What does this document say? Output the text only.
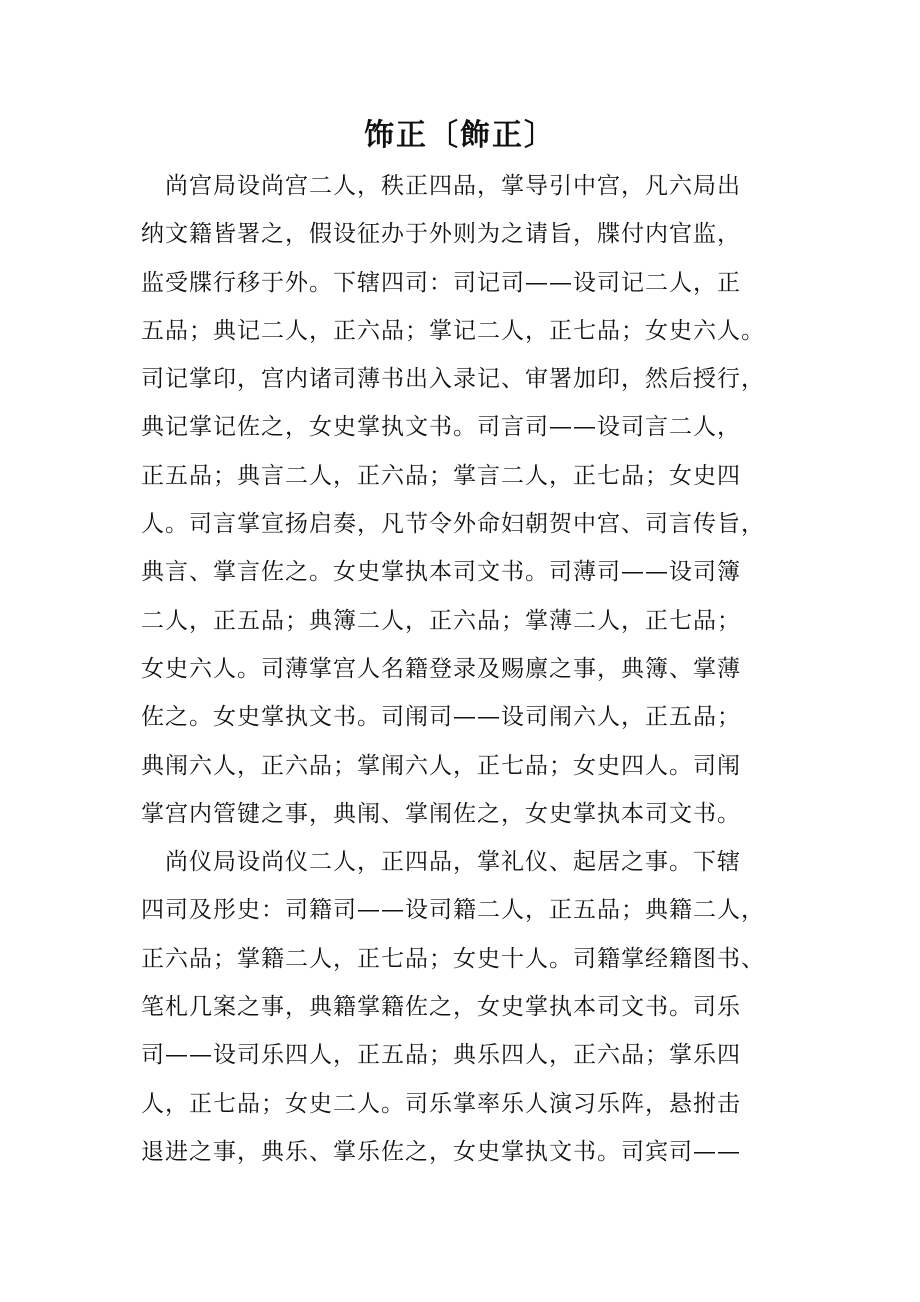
饰正〔飾正〕
尚宫局设尚宫二人，秩正四品，掌导引中宫，凡六局出
纳文籍皆署之，假设征办于外则为之请旨，牒付内官监，
监受牒行移于外。下辖四司：司记司——设司记二人，正
五品；典记二人，正六品；掌记二人，正七品；女史六人。
司记掌印，宫内诸司薄书出入录记、审署加印，然后授行，
典记掌记佐之，女史掌执文书。司言司——设司言二人，
正五品；典言二人，正六品；掌言二人，正七品；女史四
人。司言掌宣扬启奏，凡节令外命妇朝贺中宫、司言传旨，
典言、掌言佐之。女史掌执本司文书。司薄司——设司簿
二人，正五品；典簿二人，正六品；掌薄二人，正七品；
女史六人。司薄掌宫人名籍登录及赐廪之事，典簿、掌薄
佐之。女史掌执文书。司闱司——设司闱六人，正五品；
典闱六人，正六品；掌闱六人，正七品；女史四人。司闱
掌宫内管键之事，典闱、掌闱佐之，女史掌执本司文书。
尚仪局设尚仪二人，正四品，掌礼仪、起居之事。下辖
四司及彤史：司籍司——设司籍二人，正五品；典籍二人，
正六品；掌籍二人，正七品；女史十人。司籍掌经籍图书、
笔札几案之事，典籍掌籍佐之，女史掌执本司文书。司乐
司——设司乐四人，正五品；典乐四人，正六品；掌乐四
人，正七品；女史二人。司乐掌率乐人演习乐阵，悬拊击
退进之事，典乐、掌乐佐之，女史掌执文书。司宾司——
